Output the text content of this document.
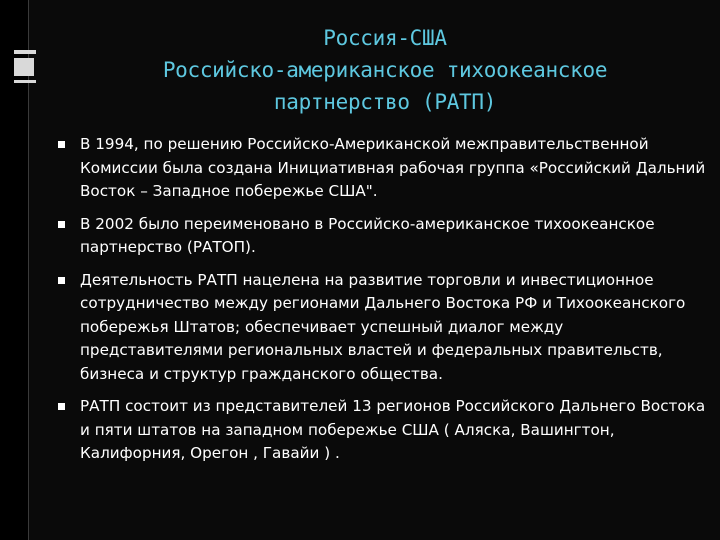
Россия-США
Российско-американское тихоокеанское
партнерство (РАТП)
В 1994, по решению Российско-Американской межправительственной Комиссии была создана Инициативная рабочая группа «Российский Дальний Восток – Западное побережье США".
В 2002 было переименовано в Российско-американское тихоокеанское партнерство (РАТОП).
Деятельность РАТП нацелена на развитие торговли и инвестиционное сотрудничество между регионами Дальнего Востока РФ и Тихоокеанского побережья Штатов; обеспечивает успешный диалог между представителями региональных властей и федеральных правительств, бизнеса и структур гражданского общества.
РАТП состоит из представителей 13 регионов Российского Дальнего Востока и пяти штатов на западном побережье США ( Аляска, Вашингтон, Калифорния, Орегон , Гавайи ) .
